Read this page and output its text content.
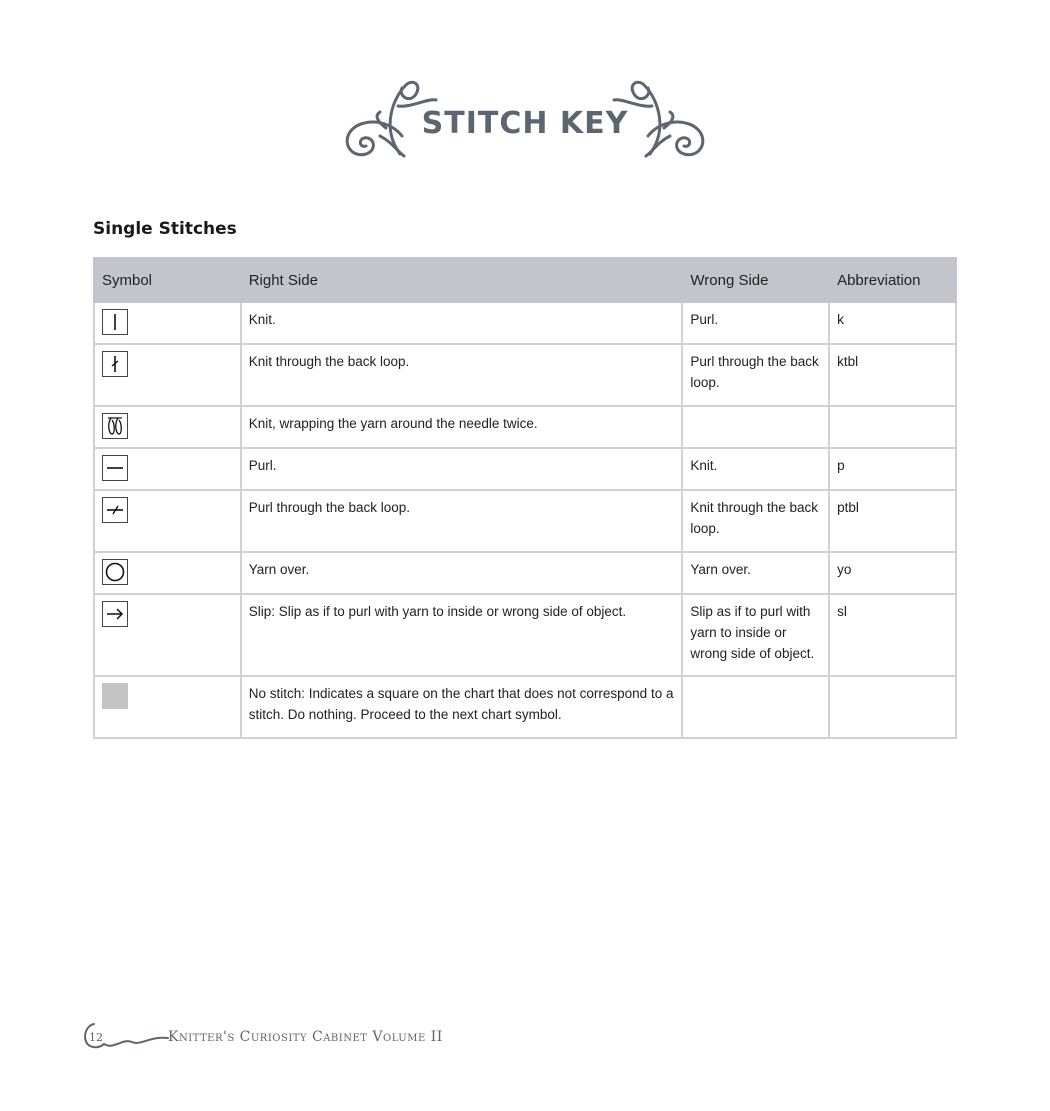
STITCH KEY
Single Stitches
Symbol	Right Side	Wrong Side	Abbreviation

	Knit.	Purl.	k

	Knit through the back loop.	Purl through the back loop.	ktbl

	Knit, wrapping the yarn around the needle twice.		

	Purl.	Knit.	p

	Purl through the back loop.	Knit through the back loop.	ptbl

	Yarn over.	Yarn over.	yo

	Slip: Slip as if to purl with yarn to inside or wrong side of object.	Slip as if to purl with yarn to inside or wrong side of object.	sl

	No stitch: Indicates a square on the chart that does not correspond to a stitch. Do nothing. Proceed to the next chart symbol.		
12	Knitter's Curiosity Cabinet Volume II
